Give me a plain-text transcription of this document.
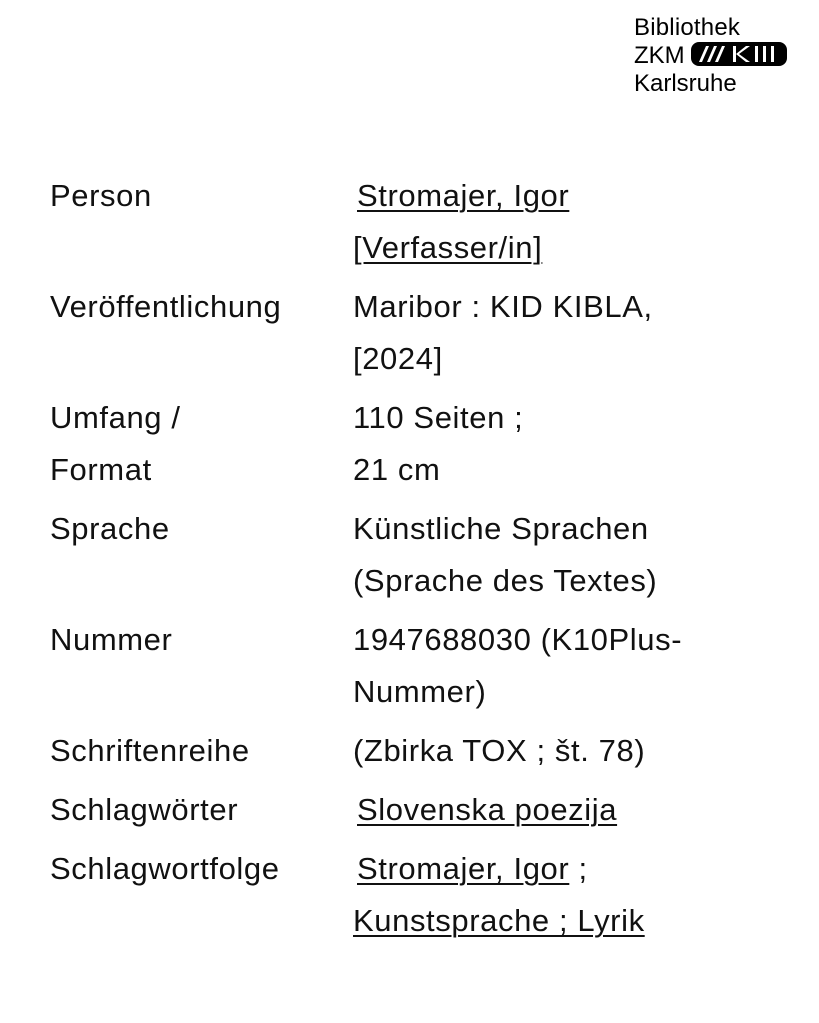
Bibliothek
ZKM
Karlsruhe
Person	Stromajer, Igor
[Verfasser/in]
Veröffentlichung	Maribor : KID KIBLA,
[2024]
Umfang /
Format	110 Seiten ;
21 cm
Sprache	Künstliche Sprachen
(Sprache des Textes)
Nummer	1947688030 (K10Plus-
Nummer)
Schriftenreihe	(Zbirka TOX ; št. 78)
Schlagwörter	Slovenska poezija
Schlagwortfolge	Stromajer, Igor ;
Kunstsprache ; Lyrik
